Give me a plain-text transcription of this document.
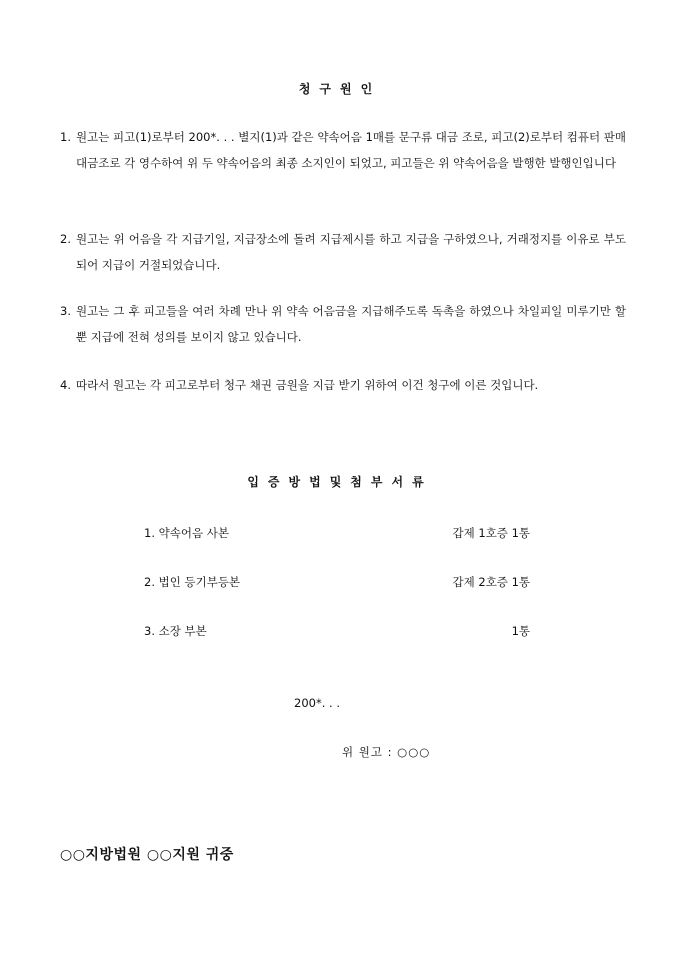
청구원인
1. 원고는 피고(1)로부터 200*. . . 별지(1)과 같은 약속어음 1매를 문구류 대금 조로, 피고(2)로부터 컴퓨터 판매대금조로 각 영수하여 위 두 약속어음의 최종 소지인이 되었고, 피고들은 위 약속어음을 발행한 발행인입니다
2. 원고는 위 어음을 각 지급기일, 지급장소에 돌려 지급제시를 하고 지급을 구하였으나, 거래정지를 이유로 부도 되어 지급이 거절되었습니다.
3. 원고는 그 후 피고들을 여러 차례 만나 위 약속 어음금을 지급해주도록 독촉을 하였으나 차일피일 미루기만 할 뿐 지급에 전혀 성의를 보이지 않고 있습니다.
4. 따라서 원고는 각 피고로부터 청구 채권 금원을 지급 받기 위하여 이건 청구에 이른 것입니다.
입증방법및첨부서류
1. 약속어음 사본	갑제 1호증 1통
2. 법인 등기부등본	갑제 2호증 1통
3. 소장 부본	1통
200*. . .
위 원고 : ○○○
○○지방법원 ○○지원 귀중
